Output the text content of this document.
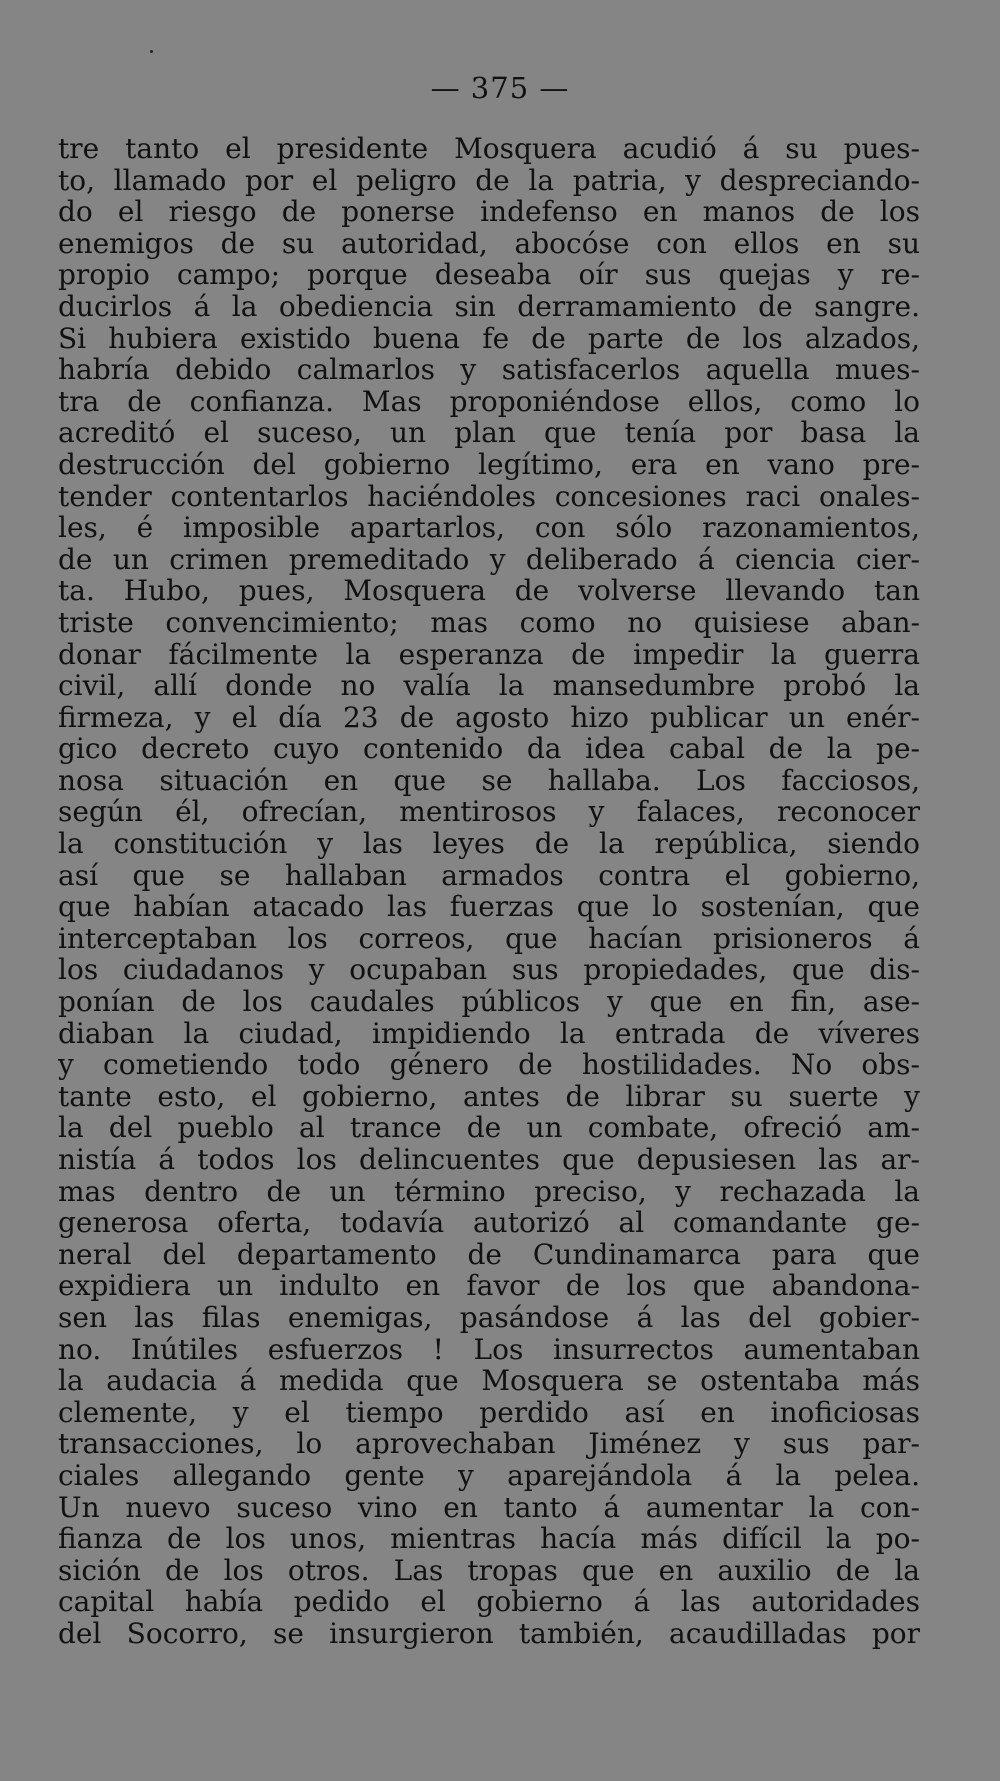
— 375 —
tre tanto el presidente Mosquera acudió á su pues-
to, llamado por el peligro de la patria, y despreciando-
do el riesgo de ponerse indefenso en manos de los
enemigos de su autoridad, abocóse con ellos en su
propio campo; porque deseaba oír sus quejas y re-
ducirlos á la obediencia sin derramamiento de sangre.
Si hubiera existido buena fe de parte de los alzados,
habría debido calmarlos y satisfacerlos aquella mues-
tra de confianza. Mas proponiéndose ellos, como lo
acreditó el suceso, un plan que tenía por basa la
destrucción del gobierno legítimo, era en vano pre-
tender contentarlos haciéndoles concesiones raci onales-
les, é imposible apartarlos, con sólo razonamientos,
de un crimen premeditado y deliberado á ciencia cier-
ta. Hubo, pues, Mosquera de volverse llevando tan
triste convencimiento; mas como no quisiese aban-
donar fácilmente la esperanza de impedir la guerra
civil, allí donde no valía la mansedumbre probó la
firmeza, y el día 23 de agosto hizo publicar un enér-
gico decreto cuyo contenido da idea cabal de la pe-
nosa situación en que se hallaba. Los facciosos,
según él, ofrecían, mentirosos y falaces, reconocer
la constitución y las leyes de la república, siendo
así que se hallaban armados contra el gobierno,
que habían atacado las fuerzas que lo sostenían, que
interceptaban los correos, que hacían prisioneros á
los ciudadanos y ocupaban sus propiedades, que dis-
ponían de los caudales públicos y que en fin, ase-
diaban la ciudad, impidiendo la entrada de víveres
y cometiendo todo género de hostilidades. No obs-
tante esto, el gobierno, antes de librar su suerte y
la del pueblo al trance de un combate, ofreció am-
nistía á todos los delincuentes que depusiesen las ar-
mas dentro de un término preciso, y rechazada la
generosa oferta, todavía autorizó al comandante ge-
neral del departamento de Cundinamarca para que
expidiera un indulto en favor de los que abandona-
sen las filas enemigas, pasándose á las del gobier-
no. Inútiles esfuerzos ! Los insurrectos aumentaban
la audacia á medida que Mosquera se ostentaba más
clemente, y el tiempo perdido así en inoficiosas
transacciones, lo aprovechaban Jiménez y sus par-
ciales allegando gente y aparejándola á la pelea.
Un nuevo suceso vino en tanto á aumentar la con-
fianza de los unos, mientras hacía más difícil la po-
sición de los otros. Las tropas que en auxilio de la
capital había pedido el gobierno á las autoridades
del Socorro, se insurgieron también, acaudilladas por
